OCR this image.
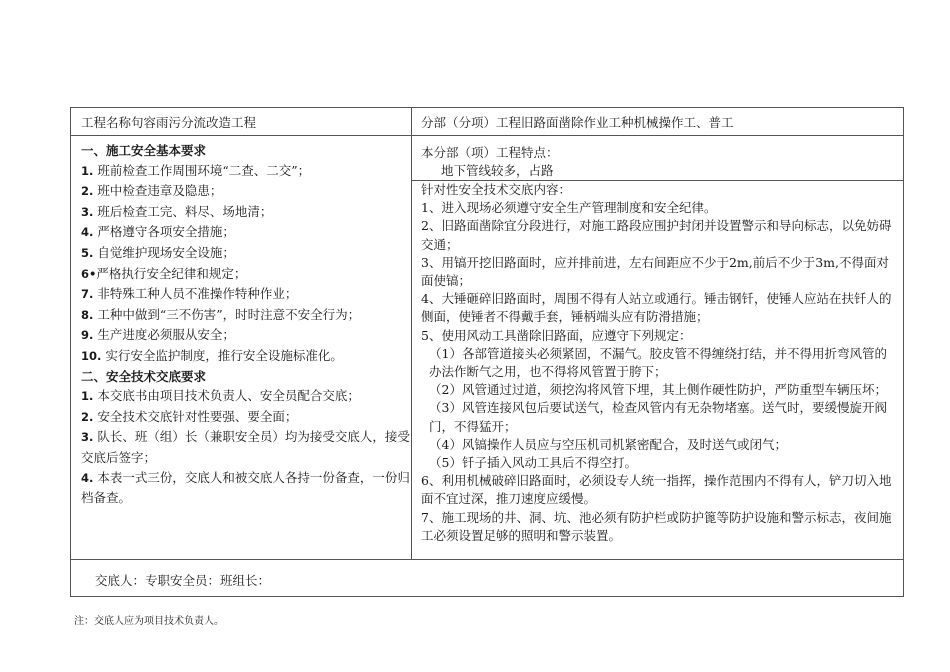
工程名称句容雨污分流改造工程	分部（分项）工程旧路面凿除作业工种机械操作工、普工
一、施工安全基本要求
1. 班前检查工作周围环境“二查、二交”；
2. 班中检查违章及隐患；
3. 班后检查工完、料尽、场地清；
4. 严格遵守各项安全措施；
5. 自觉维护现场安全设施；
6•严格执行安全纪律和规定；
7. 非特殊工种人员不准操作特种作业；
8. 工种中做到“三不伤害”，时时注意不安全行为；
9. 生产进度必须服从安全；
10. 实行安全监护制度，推行安全设施标准化。
二、安全技术交底要求
1. 本交底书由项目技术负责人、安全员配合交底；
2. 安全技术交底针对性要强、要全面；
3. 队长、班（组）长（兼职安全员）均为接受交底人，接受交底后签字；
4. 本表一式三份，交底人和被交底人各持一份备查，一份归档备查。
本分部（项）工程特点：
地下管线较多，占路
针对性安全技术交底内容：
1、进入现场必须遵守安全生产管理制度和安全纪律。
2、旧路面凿除宜分段进行，对施工路段应围护封闭并设置警示和导向标志，以免妨碍交通；
3、用镐开挖旧路面时，应并排前进，左右间距应不少于2m,前后不少于3m,不得面对面使镐；
4、大锤砸碎旧路面时，周围不得有人站立或通行。锤击钢钎，使锤人应站在扶钎人的侧面，使锤者不得戴手套，锤柄端头应有防滑措施；
5、使用风动工具凿除旧路面，应遵守下列规定：
（1）各部管道接头必须紧固，不漏气。胶皮管不得缠绕打结，并不得用折弯风管的办法作断气之用，也不得将风管置于胯下；
（2）风管通过过道，须挖沟将风管下埋，其上侧作硬性防护，严防重型车辆压坏；
（3）风管连接风包后要试送气，检查风管内有无杂物堵塞。送气时，要缓慢旋开阀门，不得猛开；
（4）风镐操作人员应与空压机司机紧密配合，及时送气或闭气；
（5）钎子插入风动工具后不得空打。
6、利用机械破碎旧路面时，必须设专人统一指挥，操作范围内不得有人，铲刀切入地面不宜过深，推刀速度应缓慢。
7、施工现场的井、洞、坑、池必须有防护栏或防护篦等防护设施和警示标志，夜间施工必须设置足够的照明和警示装置。
交底人：专职安全员：班组长：
注：交底人应为项目技术负责人。
